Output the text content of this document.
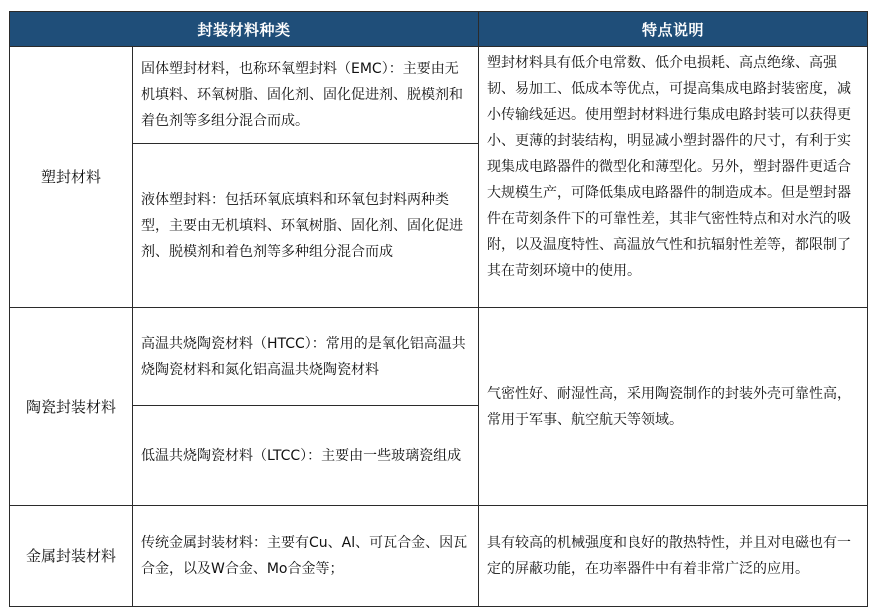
封装材料种类		特点说明
塑封材料	固体塑封材料，也称环氧塑封料（EMC）：主要由无机填料、环氧树脂、固化剂、固化促进剂、脱模剂和着色剂等多组分混合而成。	塑封材料具有低介电常数、低介电损耗、高点绝缘、高强韧、易加工、低成本等优点，可提高集成电路封装密度，减小传输线延迟。使用塑封材料进行集成电路封装可以获得更小、更薄的封装结构，明显减小塑封器件的尺寸，有利于实现集成电路器件的微型化和薄型化。另外，塑封器件更适合大规模生产，可降低集成电路器件的制造成本。但是塑封器件在苛刻条件下的可靠性差，其非气密性特点和对水汽的吸附，以及温度特性、高温放气性和抗辐射性差等，都限制了其在苛刻环境中的使用。

	液体塑封料：包括环氧底填料和环氧包封料两种类型，主要由无机填料、环氧树脂、固化剂、固化促进剂、脱模剂和着色剂等多种组分混合而成	

陶瓷封装材料	高温共烧陶瓷材料（HTCC）：常用的是氧化铝高温共烧陶瓷材料和氮化铝高温共烧陶瓷材料	气密性好、耐湿性高，采用陶瓷制作的封装外壳可靠性高，常用于军事、航空航天等领域。

	低温共烧陶瓷材料（LTCC）：主要由一些玻璃瓷组成	

金属封装材料	传统金属封装材料：主要有Cu、Al、可瓦合金、因瓦合金，以及W合金、Mo合金等；	具有较高的机械强度和良好的散热特性，并且对电磁也有一定的屏蔽功能，在功率器件中有着非常广泛的应用。
